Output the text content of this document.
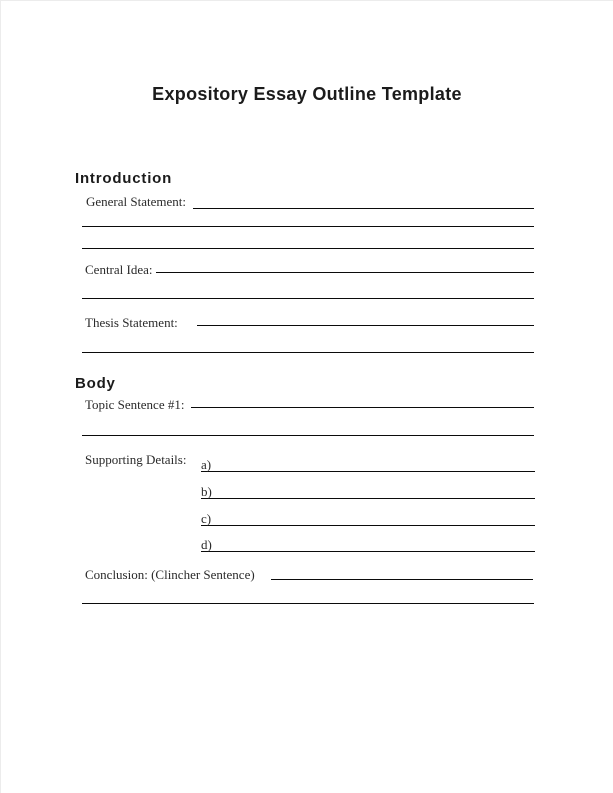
Expository Essay Outline Template
Introduction
General Statement:
Central Idea:
Thesis Statement:
Body
Topic Sentence #1:
Supporting Details: a)
b)
c)
d)
Conclusion: (Clincher Sentence)
